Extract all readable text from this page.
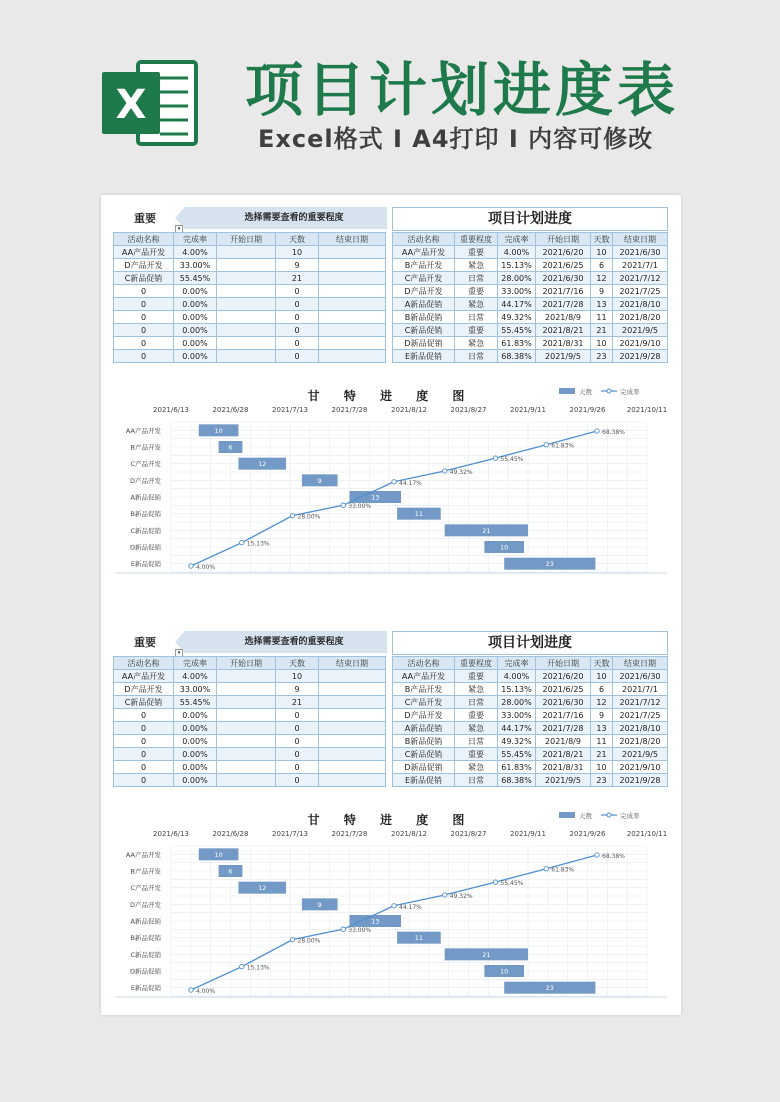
X 项目计划进度表
Excel格式 I A4打印 I 内容可修改
重要	选择需要查看的重要程度
▾
活动名称	完成率	开始日期	天数	结束日期
AA产品开发	4.00%		10	
D产品开发	33.00%		9	
C新品促销	55.45%		21	
0	0.00%		0	
0	0.00%		0	
0	0.00%		0	
0	0.00%		0	
0	0.00%		0	
0	0.00%		0	
项目计划进度
活动名称	重要程度	完成率	开始日期	天数	结束日期
AA产品开发	重要	4.00%	2021/6/20	10	2021/6/30
B产品开发	紧急	15.13%	2021/6/25	6	2021/7/1
C产品开发	日常	28.00%	2021/6/30	12	2021/7/12
D产品开发	重要	33.00%	2021/7/16	9	2021/7/25
A新品促销	紧急	44.17%	2021/7/28	13	2021/8/10
B新品促销	日常	49.32%	2021/8/9	11	2021/8/20
C新品促销	重要	55.45%	2021/8/21	21	2021/9/5
D新品促销	紧急	61.83%	2021/8/31	10	2021/9/10
E新品促销	日常	68.38%	2021/9/5	23	2021/9/28
甘 特 进 度 图	天数	完成率
2021/6/13	2021/6/28	2021/7/13	2021/7/28	2021/8/12	2021/8/27	2021/9/11	2021/9/26	2021/10/11
AA产品开发	10
B产品开发	6
C产品开发	12
D产品开发	9
A新品促销	13
B新品促销	11
C新品促销	21
D新品促销	10
E新品促销	23
4.00%
15.13%
28.00%
33.00%
44.17%
49.32%
55.45%
61.83%
68.38%
重要	选择需要查看的重要程度
▾
活动名称	完成率	开始日期	天数	结束日期
AA产品开发	4.00%		10	
D产品开发	33.00%		9	
C新品促销	55.45%		21	
0	0.00%		0	
0	0.00%		0	
0	0.00%		0	
0	0.00%		0	
0	0.00%		0	
0	0.00%		0	
项目计划进度
活动名称	重要程度	完成率	开始日期	天数	结束日期
AA产品开发	重要	4.00%	2021/6/20	10	2021/6/30
B产品开发	紧急	15.13%	2021/6/25	6	2021/7/1
C产品开发	日常	28.00%	2021/6/30	12	2021/7/12
D产品开发	重要	33.00%	2021/7/16	9	2021/7/25
A新品促销	紧急	44.17%	2021/7/28	13	2021/8/10
B新品促销	日常	49.32%	2021/8/9	11	2021/8/20
C新品促销	重要	55.45%	2021/8/21	21	2021/9/5
D新品促销	紧急	61.83%	2021/8/31	10	2021/9/10
E新品促销	日常	68.38%	2021/9/5	23	2021/9/28
甘 特 进 度 图	天数	完成率
2021/6/13	2021/6/28	2021/7/13	2021/7/28	2021/8/12	2021/8/27	2021/9/11	2021/9/26	2021/10/11
AA产品开发	10
B产品开发	6
C产品开发	12
D产品开发	9
A新品促销	13
B新品促销	11
C新品促销	21
D新品促销	10
E新品促销	23
4.00%
15.13%
28.00%
33.00%
44.17%
49.32%
55.45%
61.83%
68.38%
